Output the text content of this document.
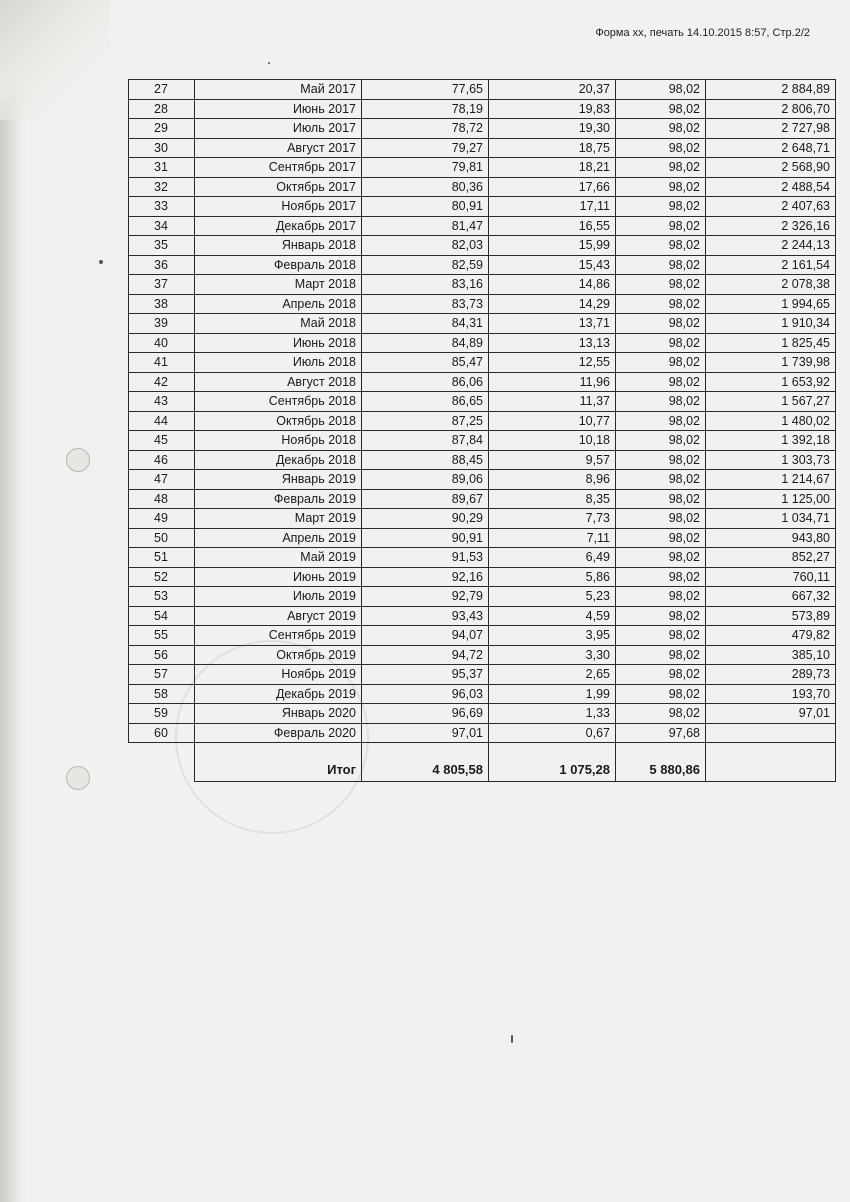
Форма хх, печать 14.10.2015 8:57, Стр.2/2
27	Май 2017	77,65	20,37	98,02	2 884,89
28	Июнь 2017	78,19	19,83	98,02	2 806,70
29	Июль 2017	78,72	19,30	98,02	2 727,98
30	Август 2017	79,27	18,75	98,02	2 648,71
31	Сентябрь 2017	79,81	18,21	98,02	2 568,90
32	Октябрь 2017	80,36	17,66	98,02	2 488,54
33	Ноябрь 2017	80,91	17,11	98,02	2 407,63
34	Декабрь 2017	81,47	16,55	98,02	2 326,16
35	Январь 2018	82,03	15,99	98,02	2 244,13
36	Февраль 2018	82,59	15,43	98,02	2 161,54
37	Март 2018	83,16	14,86	98,02	2 078,38
38	Апрель 2018	83,73	14,29	98,02	1 994,65
39	Май 2018	84,31	13,71	98,02	1 910,34
40	Июнь 2018	84,89	13,13	98,02	1 825,45
41	Июль 2018	85,47	12,55	98,02	1 739,98
42	Август 2018	86,06	11,96	98,02	1 653,92
43	Сентябрь 2018	86,65	11,37	98,02	1 567,27
44	Октябрь 2018	87,25	10,77	98,02	1 480,02
45	Ноябрь 2018	87,84	10,18	98,02	1 392,18
46	Декабрь 2018	88,45	9,57	98,02	1 303,73
47	Январь 2019	89,06	8,96	98,02	1 214,67
48	Февраль 2019	89,67	8,35	98,02	1 125,00
49	Март 2019	90,29	7,73	98,02	1 034,71
50	Апрель 2019	90,91	7,11	98,02	943,80
51	Май 2019	91,53	6,49	98,02	852,27
52	Июнь 2019	92,16	5,86	98,02	760,11
53	Июль 2019	92,79	5,23	98,02	667,32
54	Август 2019	93,43	4,59	98,02	573,89
55	Сентябрь 2019	94,07	3,95	98,02	479,82
56	Октябрь 2019	94,72	3,30	98,02	385,10
57	Ноябрь 2019	95,37	2,65	98,02	289,73
58	Декабрь 2019	96,03	1,99	98,02	193,70
59	Январь 2020	96,69	1,33	98,02	97,01
60	Февраль 2020	97,01	0,67	97,68	
	Итог	4 805,58	1 075,28	5 880,86	
